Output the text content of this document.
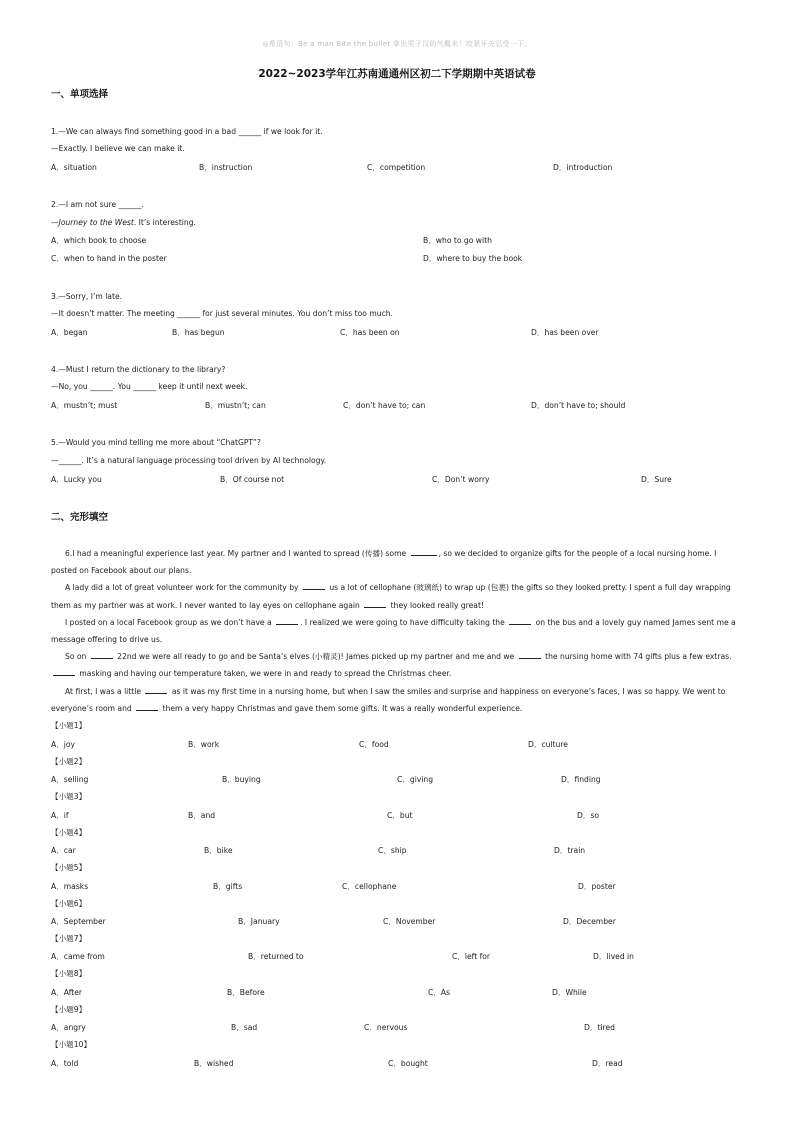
◎希语句：Be a man Bite the bullet 拿出男子汉的气概来！咬紧牙关忍受一下。
2022~2023学年江苏南通通州区初二下学期期中英语试卷
一、单项选择
1.—We can always find something good in a bad ______ if we look for it.
—Exactly. I believe we can make it.
A．situation	B．instruction	C．competition	D．introduction
2.—I am not sure ______.
—Journey to the West. It’s interesting.
A．which book to choose	B．who to go with
C．when to hand in the poster	D．where to buy the book
3.—Sorry, I’m late.
—It doesn’t matter. The meeting ______ for just several minutes. You don’t miss too much.
A．began	B．has begun	C．has been on	D．has been over
4.—Must I return the dictionary to the library?
—No, you ______. You ______ keep it until next week.
A．mustn’t; must	B．mustn’t; can	C．don’t have to; can	D．don’t have to; should
5.—Would you mind telling me more about “ChatGPT”?
—______. It’s a natural language processing tool driven by AI technology.
A．Lucky you	B．Of course not	C．Don’t worry	D．Sure
二、完形填空
6.I had a meaningful experience last year. My partner and I wanted to spread (传播) some	, so we decided to organize gifts for the people of a local nursing home. I posted on Facebook about our plans.
A lady did a lot of great volunteer work for the community by	us a lot of cellophane (玻璃纸) to wrap up (包裹) the gifts so they looked pretty. I spent a full day wrapping them as my partner was at work. I never wanted to lay eyes on cellophane again	they looked really great!
I posted on a local Facebook group as we don’t have a	. I realized we were going to have difficulty taking the	on the bus and a lovely guy named James sent me a message offering to drive us.
So on	22nd we were all ready to go and be Santa’s elves (小精灵)! James picked up my partner and me and we	the nursing home with 74 gifts plus a few extras.  masking and having our temperature taken, we were in and ready to spread the Christmas cheer.
At first, I was a little	as it was my first time in a nursing home, but when I saw the smiles and surprise and happiness on everyone’s faces, I was so happy. We went to everyone’s room and	them a very happy Christmas and gave them some gifts. It was a really wonderful experience.
【小题1】
A．joy	B．work	C．food	D．culture
【小题2】
A．selling	B．buying	C．giving	D．finding
【小题3】
A．if	B．and	C．but	D．so
【小题4】
A．car	B．bike	C．ship	D．train
【小题5】
A．masks	B．gifts	C．cellophane	D．poster
【小题6】
A．September	B．January	C．November	D．December
【小题7】
A．came from	B．returned to	C．left for	D．lived in
【小题8】
A．After	B．Before	C．As	D．While
【小题9】
A．angry	B．sad	C．nervous	D．tired
【小题10】
A．told	B．wished	C．bought	D．read
